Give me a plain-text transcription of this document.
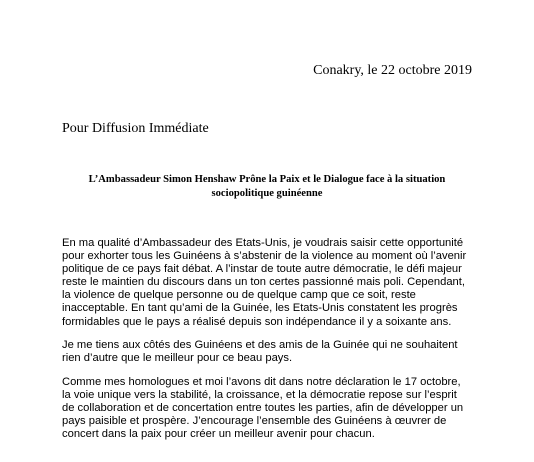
Conakry, le 22 octobre 2019
Pour Diffusion Immédiate
L’Ambassadeur Simon Henshaw Prône la Paix et le Dialogue face à la situation sociopolitique guinéenne

En ma qualité d’Ambassadeur des Etats-Unis, je voudrais saisir cette opportunité pour exhorter tous les Guinéens à s’abstenir de la violence au moment où l’avenir politique de ce pays fait débat. A l’instar de toute autre démocratie, le défi majeur reste le maintien du discours dans un ton certes passionné mais poli. Cependant, la violence de quelque personne ou de quelque camp que ce soit, reste inacceptable. En tant qu’ami de la Guinée, les Etats-Unis constatent les progrès formidables que le pays a réalisé depuis son indépendance il y a soixante ans.

Je me tiens aux côtés des Guinéens et des amis de la Guinée qui ne souhaitent rien d’autre que le meilleur pour ce beau pays.

Comme mes homologues et moi l’avons dit dans notre déclaration le 17 octobre, la voie unique vers la stabilité, la croissance, et la démocratie repose sur l’esprit de collaboration et de concertation entre toutes les parties, afin de développer un pays paisible et prospère. J’encourage l’ensemble des Guinéens à œuvrer de concert dans la paix pour créer un meilleur avenir pour chacun.
